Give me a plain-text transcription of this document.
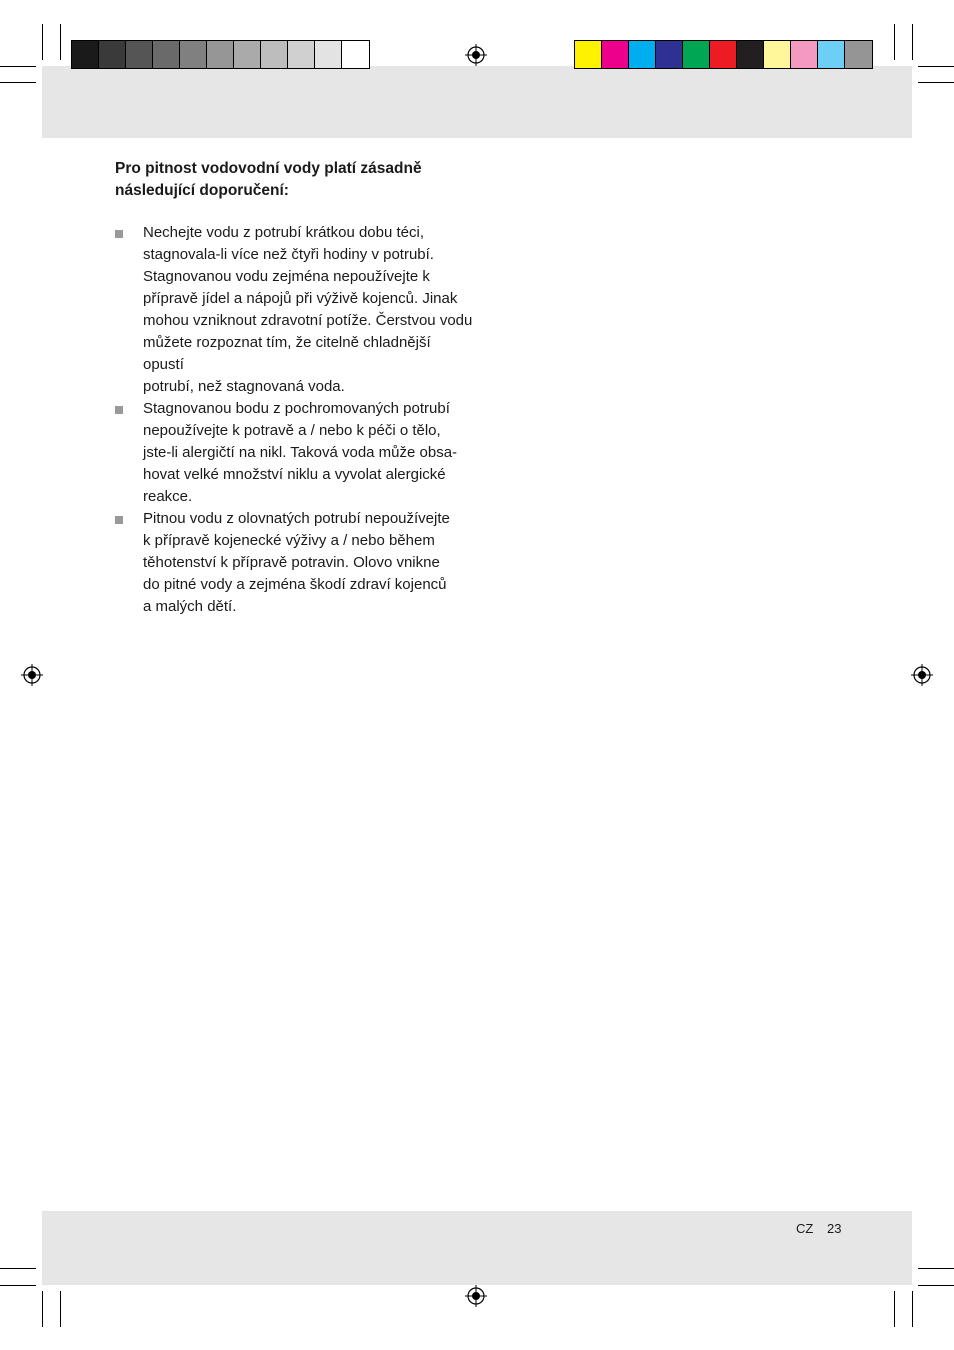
Pro pitnost vodovodní vody platí zásadně
následující doporučení:

Nechejte vodu z potrubí krátkou dobu téci,
stagnovala-li více než čtyři hodiny v potrubí.
Stagnovanou vodu zejména nepoužívejte k
přípravě jídel a nápojů při výživě kojenců. Jinak
mohou vzniknout zdravotní potíže. Čerstvou vodu
můžete rozpoznat tím, že citelně chladnější opustí
potrubí, než stagnovaná voda.
Stagnovanou bodu z pochromovaných potrubí
nepoužívejte k potravě a / nebo k péči o tělo,
jste-li alergičtí na nikl. Taková voda může obsa-
hovat velké množství niklu a vyvolat alergické
reakce.
Pitnou vodu z olovnatých potrubí nepoužívejte
k přípravě kojenecké výživy a / nebo během
těhotenství k přípravě potravin. Olovo vnikne
do pitné vody a zejména škodí zdraví kojenců
a malých dětí.
CZ 23
